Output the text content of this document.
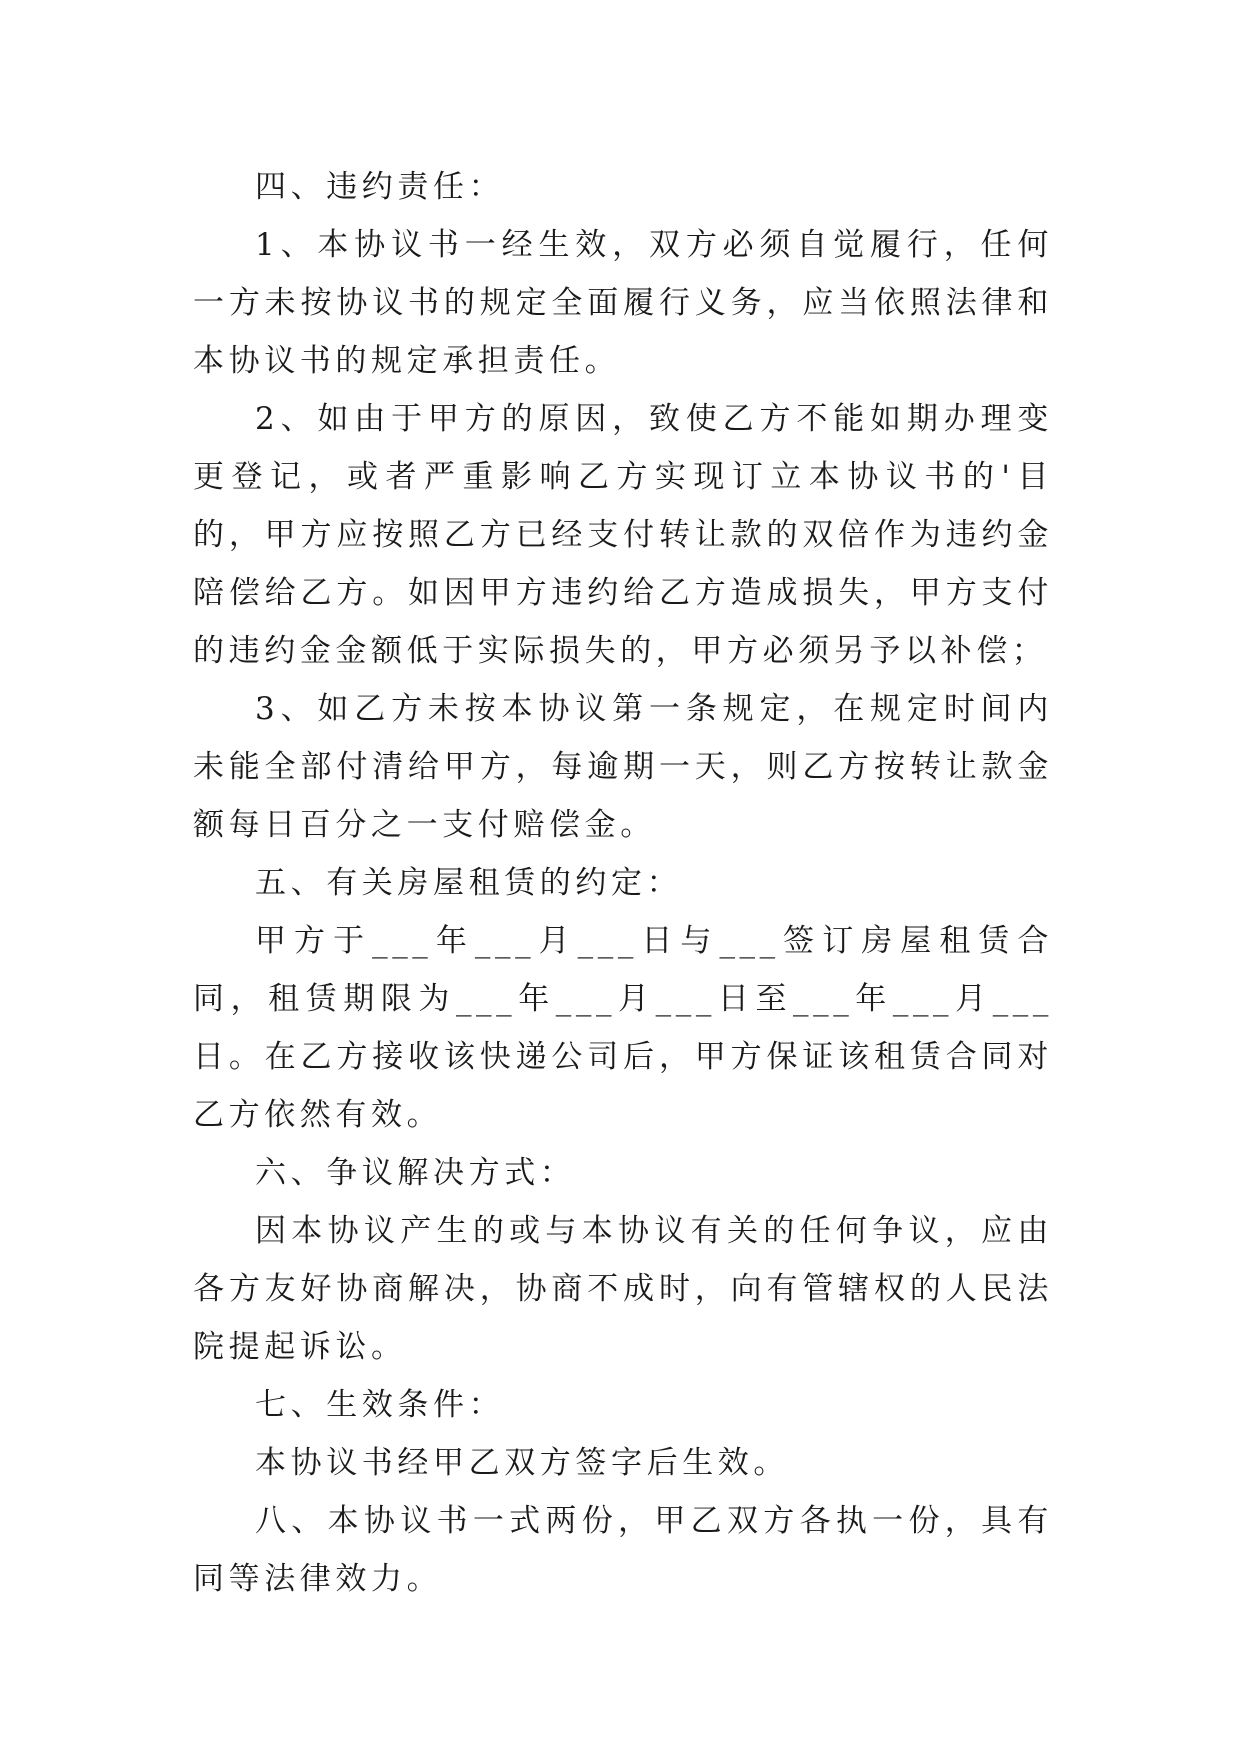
四、违约责任：

1、本协议书一经生效，双方必须自觉履行，任何一方未按协议书的规定全面履行义务，应当依照法律和本协议书的规定承担责任。

2、如由于甲方的原因，致使乙方不能如期办理变更登记，或者严重影响乙方实现订立本协议书的'目的，甲方应按照乙方已经支付转让款的双倍作为违约金陪偿给乙方。如因甲方违约给乙方造成损失，甲方支付的违约金金额低于实际损失的，甲方必须另予以补偿；

3、如乙方未按本协议第一条规定，在规定时间内未能全部付清给甲方，每逾期一天，则乙方按转让款金额每日百分之一支付赔偿金。

五、有关房屋租赁的约定：

甲方于___年___月___日与___签订房屋租赁合同，租赁期限为___年___月___日至___年___月___日。在乙方接收该快递公司后，甲方保证该租赁合同对乙方依然有效。

六、争议解决方式：

因本协议产生的或与本协议有关的任何争议，应由各方友好协商解决，协商不成时，向有管辖权的人民法院提起诉讼。

七、生效条件：

本协议书经甲乙双方签字后生效。

八、本协议书一式两份，甲乙双方各执一份，具有同等法律效力。
